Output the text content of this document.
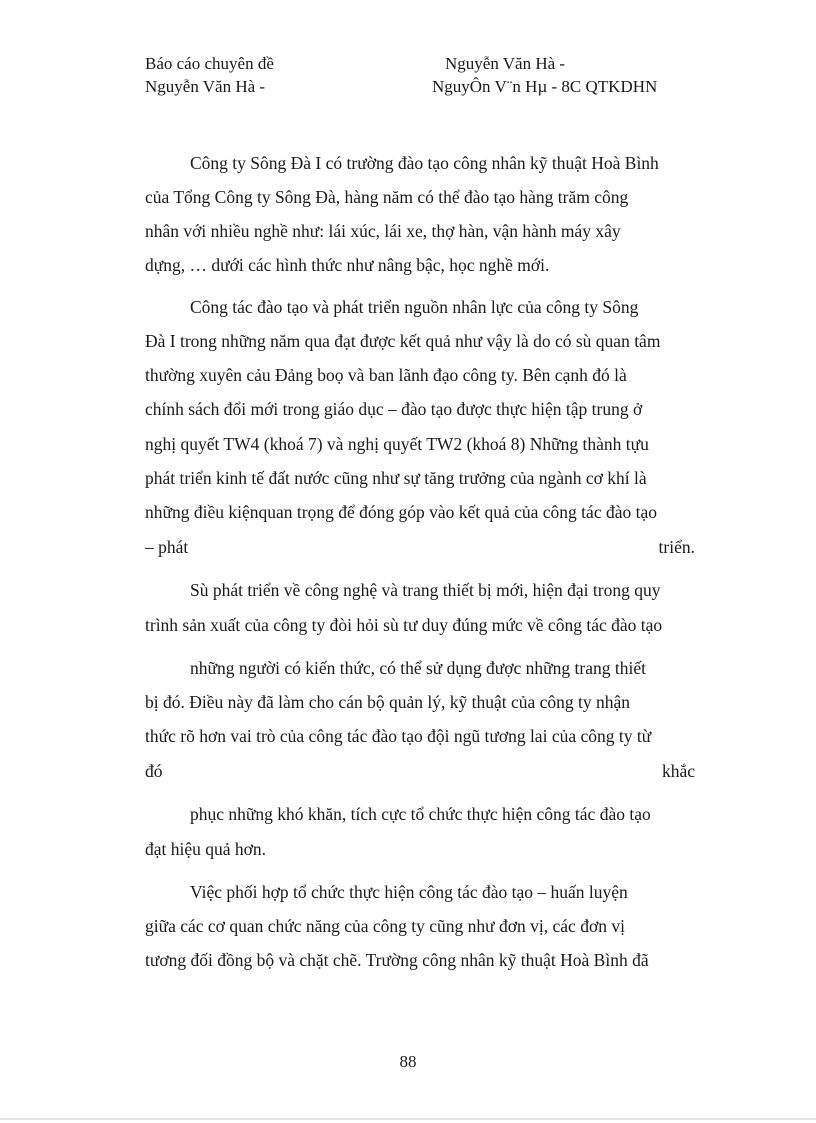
Báo cáo chuyên đề	Nguyễn Văn Hà -
Nguyễn Văn Hà -	NguyÔn V¨n Hµ - 8C QTKDHN
Công ty Sông Đà I có trường đào tạo công nhân kỹ thuật Hoà Bình
của Tổng Công ty Sông Đà, hàng năm có thể đào tạo hàng trăm công
nhân với nhiều nghề như: lái xúc, lái xe, thợ hàn, vận hành máy xây
dựng, … dưới các hình thức như nâng bậc, học nghề mới.
Công tác đào tạo và phát triển nguồn nhân lực của công ty Sông
Đà I trong những năm qua đạt được kết quả như vậy là do có sù quan tâm
thường xuyên cảu Đảng boọ và ban lãnh đạo công ty. Bên cạnh đó là
chính sách đổi mới trong giáo dục – đào tạo được thực hiện tập trung ở
nghị quyết TW4 (khoá 7) và nghị quyết TW2 (khoá 8) Những thành tựu
phát triển kinh tế đất nước cũng như sự tăng trưởng của ngành cơ khí là
những điều kiệnquan trọng để đóng góp vào kết quả của công tác đào tạo
– phát	triển.
Sù phát triển về công nghệ và trang thiết bị mới, hiện đại trong quy
trình sản xuất của công ty đòi hỏi sù tư duy đúng mức về công tác đào tạo
những người có kiến thức, có thể sử dụng được những trang thiết
bị đó. Điều này đã làm cho cán bộ quản lý, kỹ thuật của công ty nhận
thức rõ hơn vai trò của công tác đào tạo đội ngũ tương lai của công ty từ
đó	khắc
phục những khó khăn, tích cực tổ chức thực hiện công tác đào tạo
đạt hiệu quả hơn.
Việc phối hợp tổ chức thực hiện công tác đào tạo – huấn luyện
giữa các cơ quan chức năng của công ty cũng như đơn vị, các đơn vị
tương đối đồng bộ và chặt chẽ. Trường công nhân kỹ thuật Hoà Bình đã
88
